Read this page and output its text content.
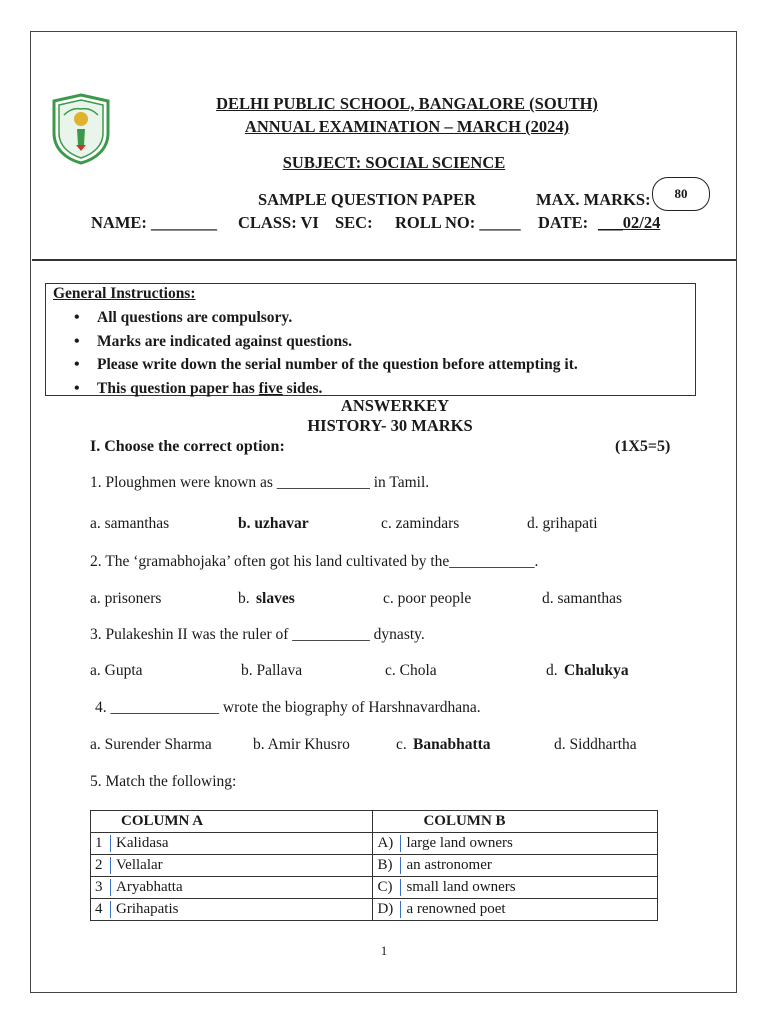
DELHI PUBLIC SCHOOL, BANGALORE (SOUTH)
ANNUAL EXAMINATION – MARCH (2024)
SUBJECT: SOCIAL SCIENCE
SAMPLE QUESTION PAPER	MAX. MARKS:	80
NAME: ________ CLASS: VI SEC: ROLL NO: _____ DATE: ___02/24
General Instructions:
• All questions are compulsory.
• Marks are indicated against questions.
• Please write down the serial number of the question before attempting it.
• This question paper has five sides.
ANSWERKEY
HISTORY- 30 MARKS
I. Choose the correct option:	(1X5=5)
1. Ploughmen were known as ____________ in Tamil.
a. samanthas	b. uzhavar	c. zamindars	d. grihapati
2. The ‘gramabhojaka’ often got his land cultivated by the___________.
a. prisoners	b. slaves	c. poor people	d. samanthas
3. Pulakeshin II was the ruler of __________ dynasty.
a. Gupta	b. Pallava	c. Chola	d. Chalukya
4. ______________ wrote the biography of Harshnavardhana.
a. Surender Sharma	b. Amir Khusro	c. Banabhatta	d. Siddhartha
5. Match the following:
COLUMN A	COLUMN B
1 Kalidasa	A) large land owners
2 Vellalar	B) an astronomer
3 Aryabhatta	C) small land owners
4 Grihapatis	D) a renowned poet
1
